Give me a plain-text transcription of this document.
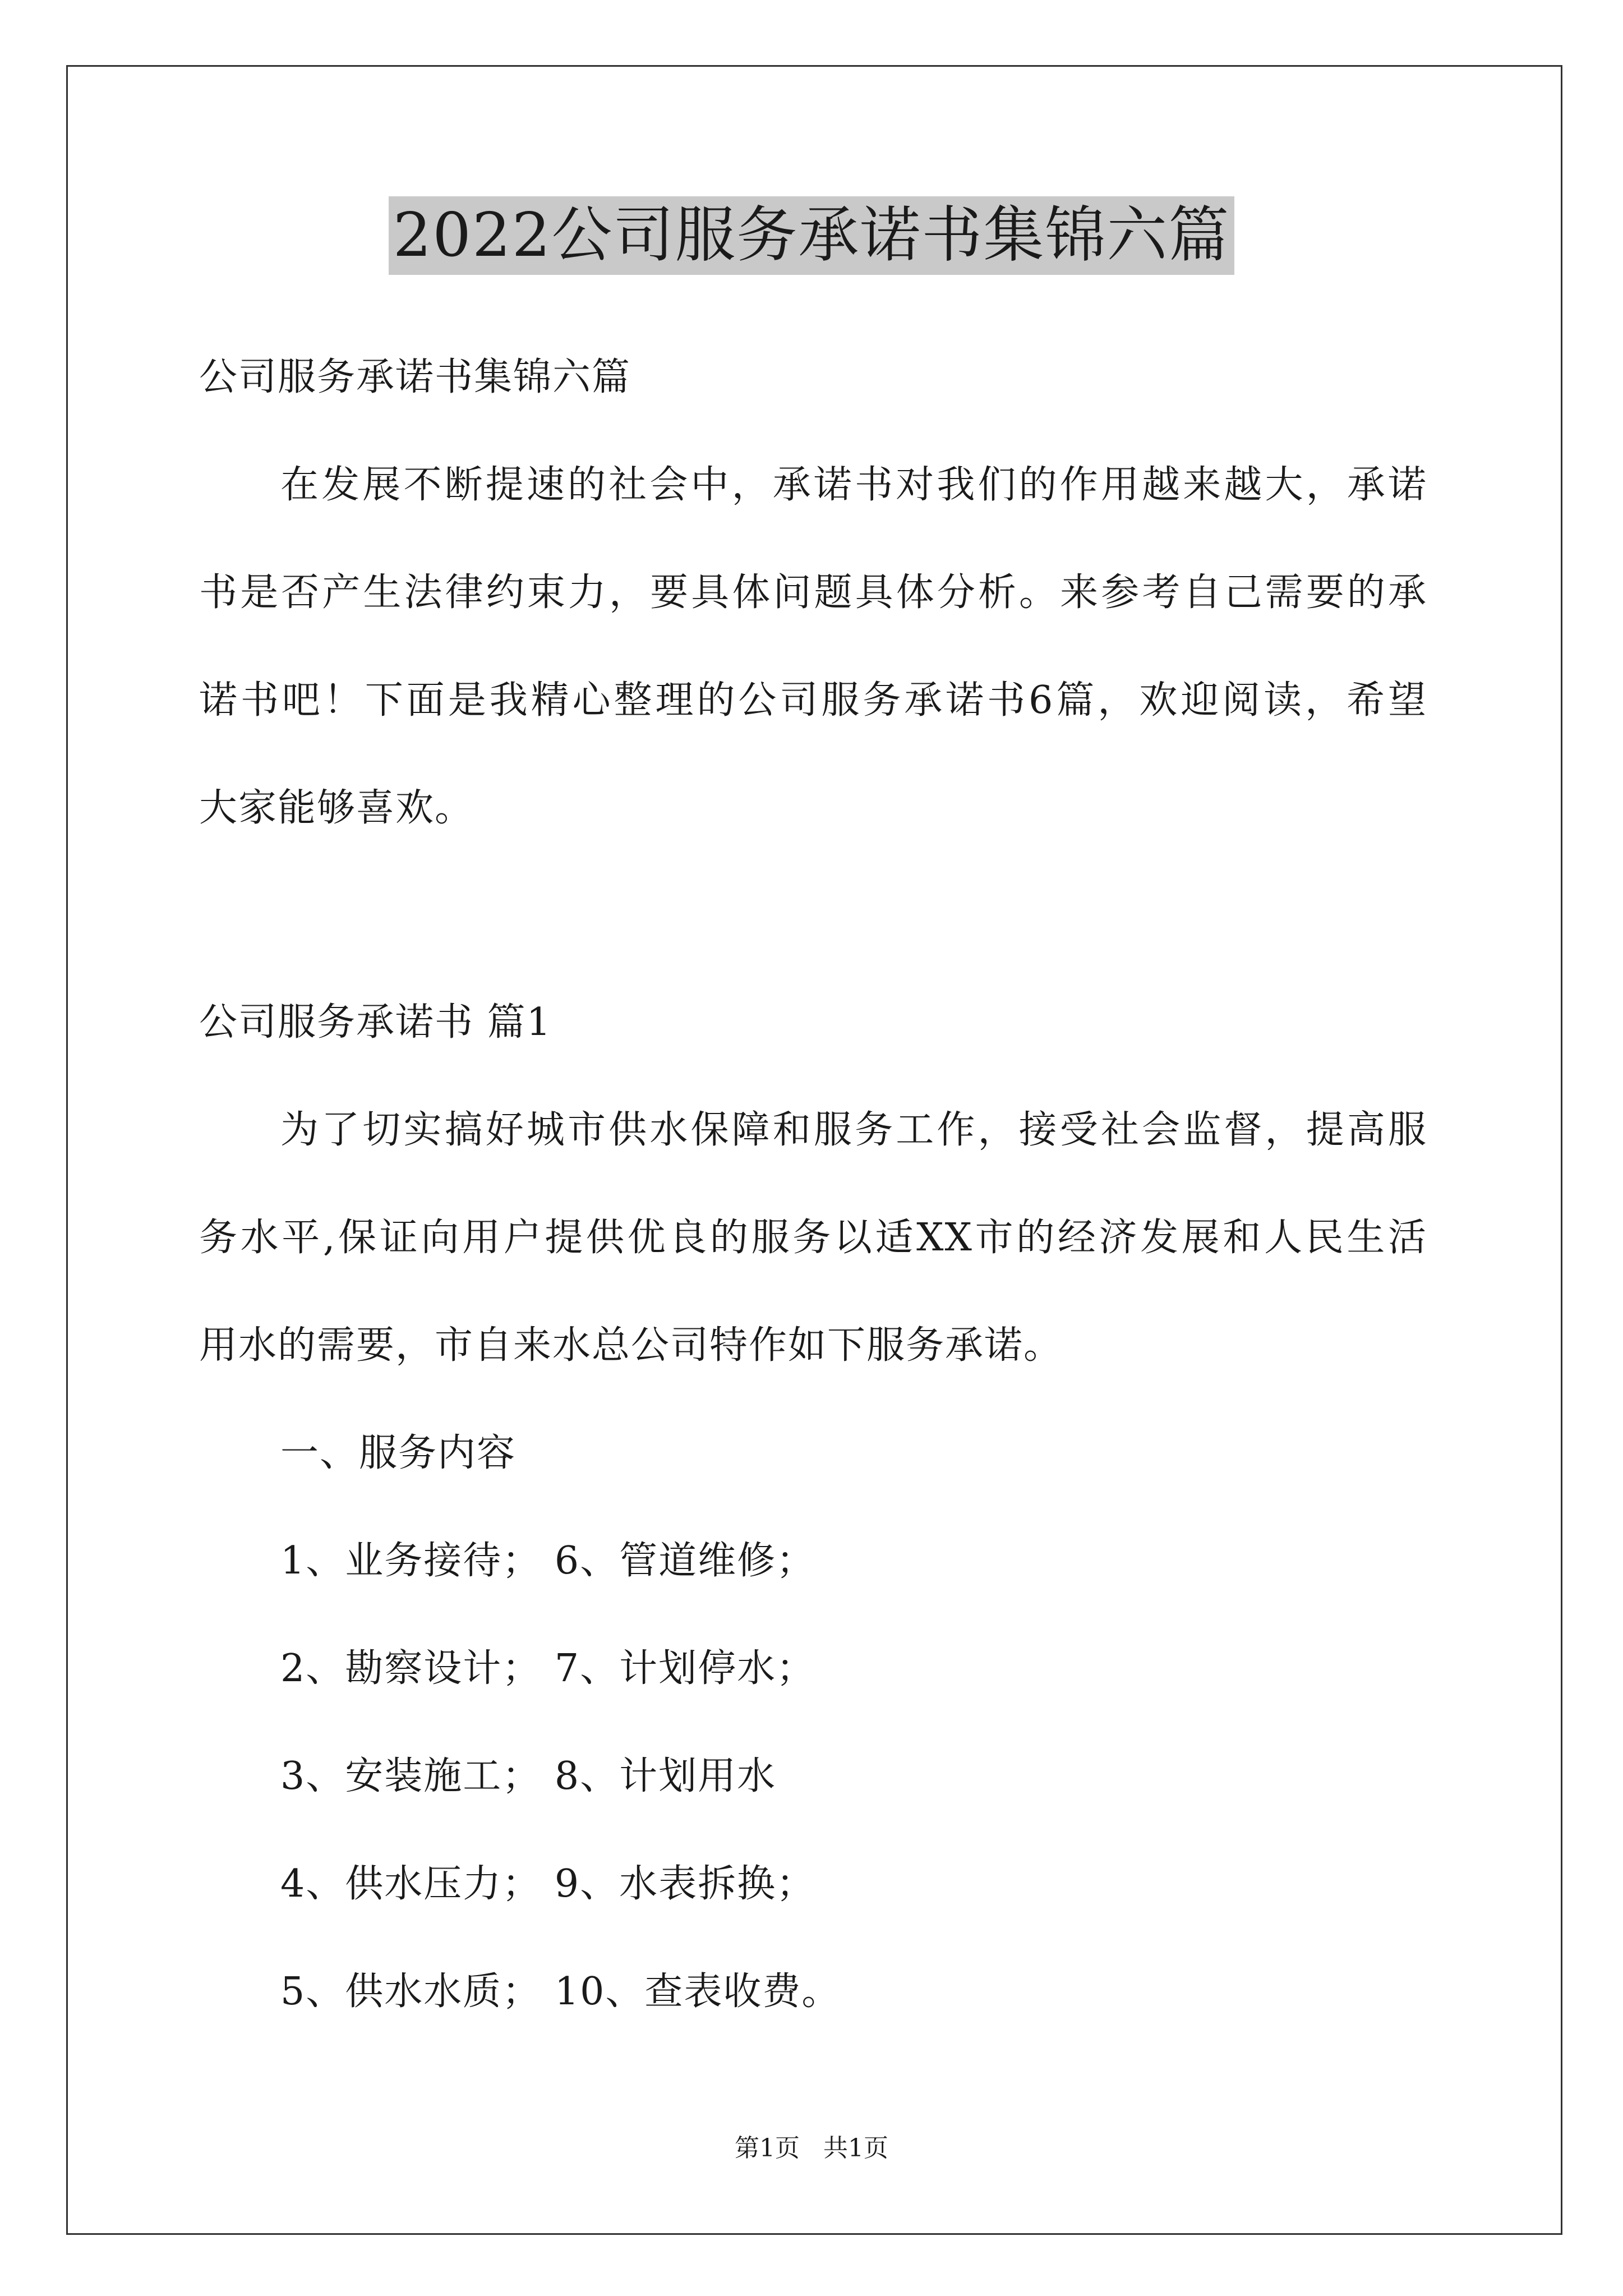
2022公司服务承诺书集锦六篇
公司服务承诺书集锦六篇
在发展不断提速的社会中，承诺书对我们的作用越来越大，承诺
书是否产生法律约束力，要具体问题具体分析。来参考自己需要的承
诺书吧！下面是我精心整理的公司服务承诺书6篇，欢迎阅读，希望
大家能够喜欢。
公司服务承诺书 篇1
为了切实搞好城市供水保障和服务工作，接受社会监督，提高服
务水平,保证向用户提供优良的服务以适XX市的经济发展和人民生活
用水的需要，市自来水总公司特作如下服务承诺。
一、服务内容
1、业务接待； 6、管道维修；
2、勘察设计； 7、计划停水；
3、安装施工； 8、计划用水
4、供水压力； 9、水表拆换；
5、供水水质； 10、查表收费。
第1页 共1页
